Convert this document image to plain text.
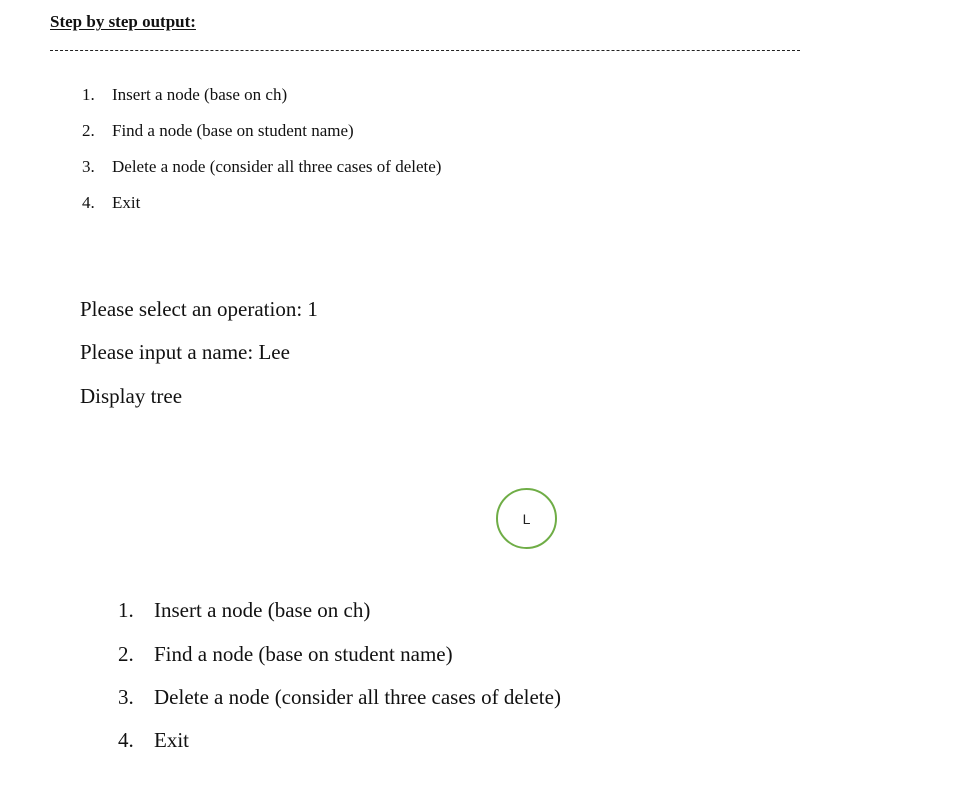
Step by step output:
1. Insert a node (base on ch)
2. Find a node (base on student name)
3. Delete a node (consider all three cases of delete)
4. Exit

Please select an operation: 1

Please input a name: Lee

Display tree

L
1. Insert a node (base on ch)
2. Find a node (base on student name)
3. Delete a node (consider all three cases of delete)
4. Exit
